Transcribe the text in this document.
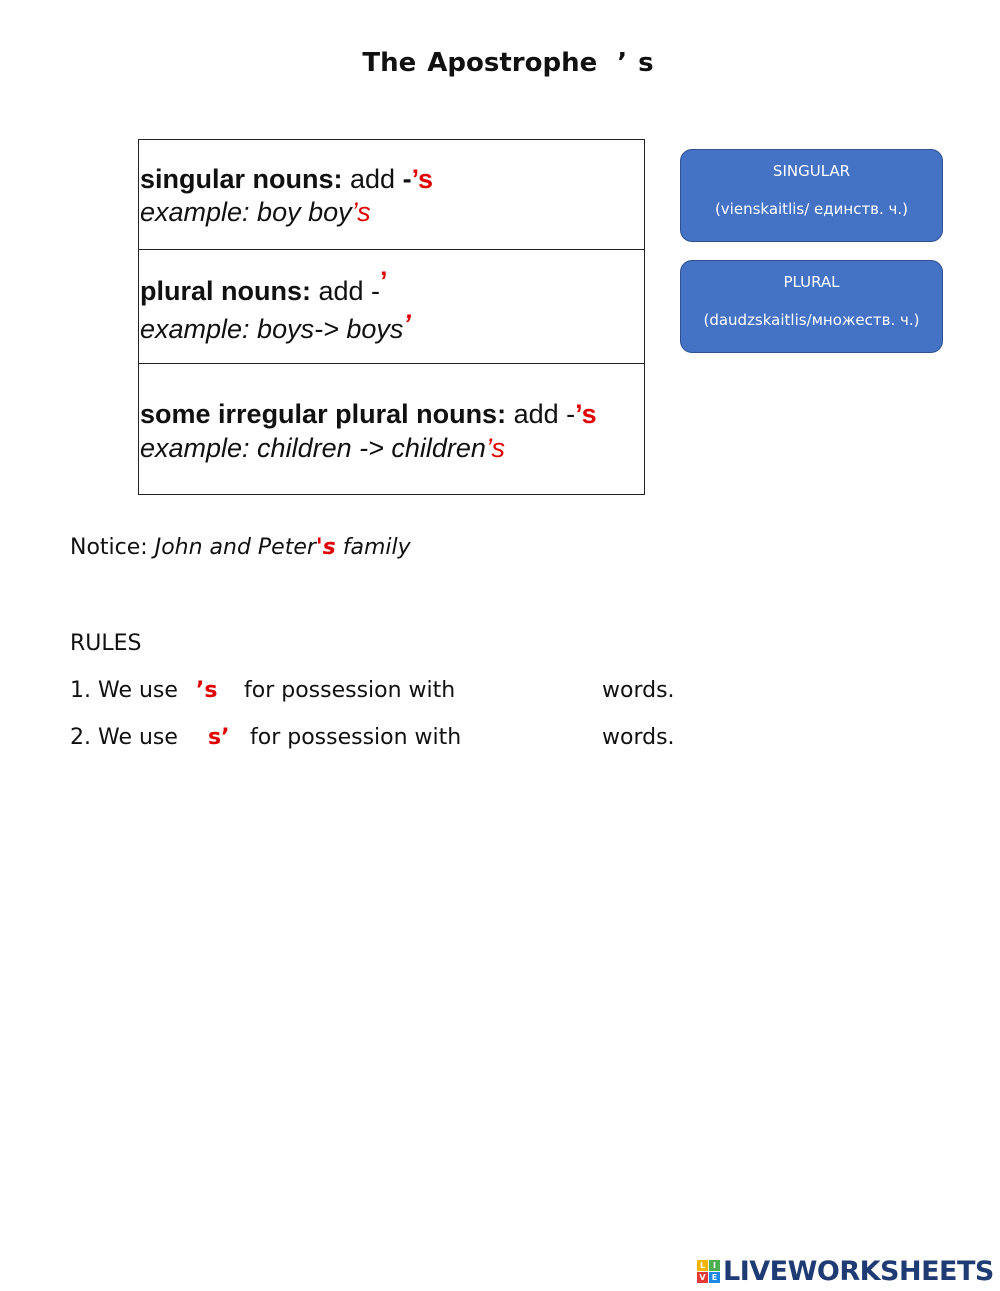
The Apostrophe ’ s
singular nouns: add -’s
example: boy boy’s
plural nouns: add -’
example: boys-> boys’
some irregular plural nouns: add -’s
example: children -> children’s
SINGULAR
(vienskaitlis/ единств. ч.)
PLURAL
(daudzskaitlis/множеств. ч.)
Notice: John and Peter's family
RULES
1. We use ’s for possession with	words.
2. We use s’ for possession with	words.
L I
V E LIVEWORKSHEETS
